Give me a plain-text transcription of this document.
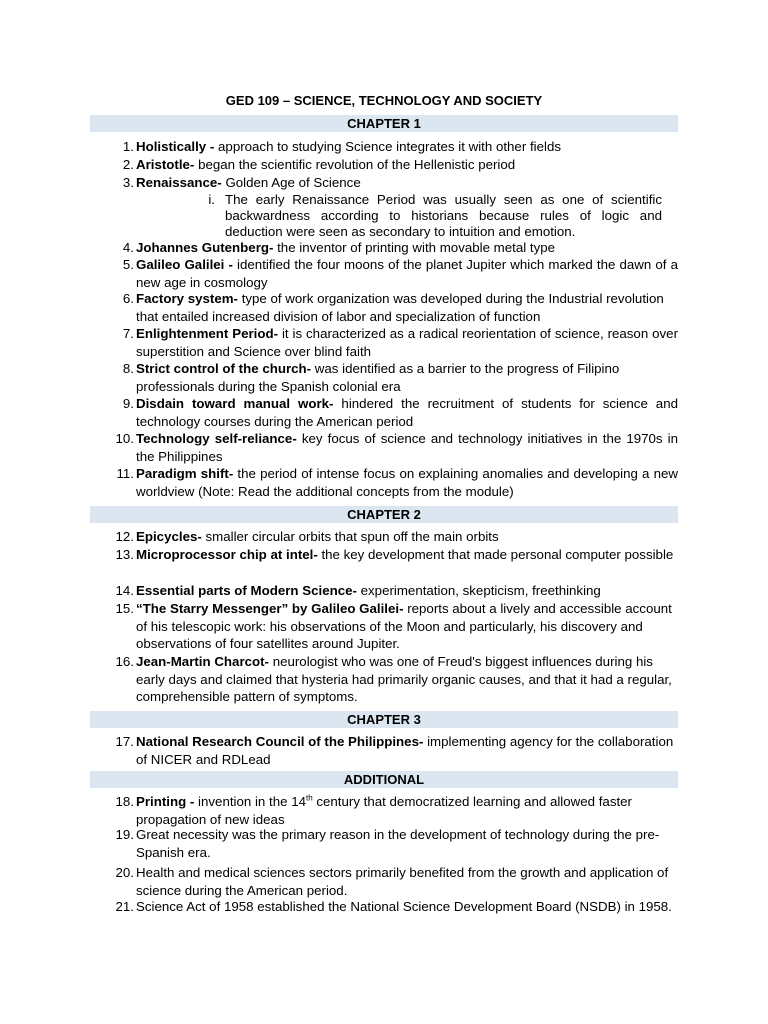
GED 109 – SCIENCE, TECHNOLOGY AND SOCIETY
CHAPTER 1
1. Holistically - approach to studying Science integrates it with other fields
2. Aristotle- began the scientific revolution of the Hellenistic period
3. Renaissance- Golden Age of Science
i. The early Renaissance Period was usually seen as one of scientific backwardness according to historians because rules of logic and deduction were seen as secondary to intuition and emotion.
4. Johannes Gutenberg- the inventor of printing with movable metal type
5. Galileo Galilei - identified the four moons of the planet Jupiter which marked the dawn of a new age in cosmology
6. Factory system- type of work organization was developed during the Industrial revolution that entailed increased division of labor and specialization of function
7. Enlightenment Period- it is characterized as a radical reorientation of science, reason over superstition and Science over blind faith
8. Strict control of the church- was identified as a barrier to the progress of Filipino professionals during the Spanish colonial era
9. Disdain toward manual work- hindered the recruitment of students for science and technology courses during the American period
10. Technology self-reliance- key focus of science and technology initiatives in the 1970s in the Philippines
11. Paradigm shift- the period of intense focus on explaining anomalies and developing a new worldview (Note: Read the additional concepts from the module)
CHAPTER 2
12. Epicycles- smaller circular orbits that spun off the main orbits
13. Microprocessor chip at intel- the key development that made personal computer possible
14. Essential parts of Modern Science- experimentation, skepticism, freethinking
15. “The Starry Messenger” by Galileo Galilei- reports about a lively and accessible account of his telescopic work: his observations of the Moon and particularly, his discovery and observations of four satellites around Jupiter.
16. Jean-Martin Charcot- neurologist who was one of Freud's biggest influences during his early days and claimed that hysteria had primarily organic causes, and that it had a regular, comprehensible pattern of symptoms.
CHAPTER 3
17. National Research Council of the Philippines- implementing agency for the collaboration of NICER and RDLead
ADDITIONAL
18. Printing - invention in the 14th century that democratized learning and allowed faster propagation of new ideas
19. Great necessity was the primary reason in the development of technology during the pre-Spanish era.
20. Health and medical sciences sectors primarily benefited from the growth and application of science during the American period.
21. Science Act of 1958 established the National Science Development Board (NSDB) in 1958.
